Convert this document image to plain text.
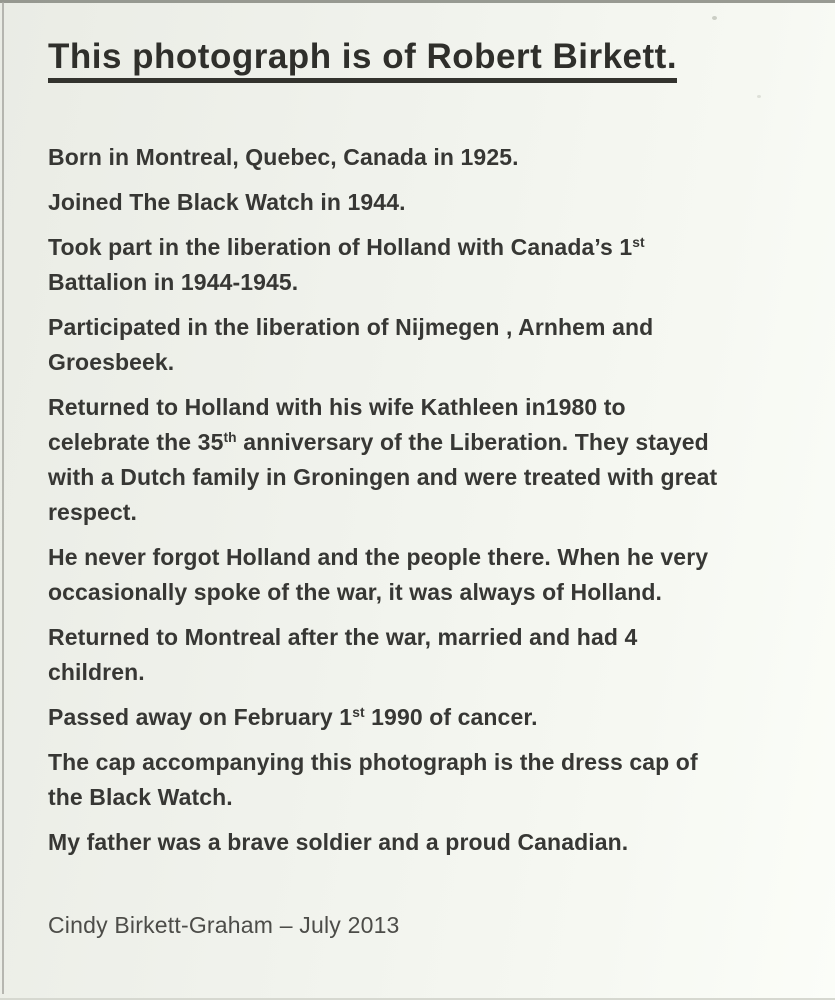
This photograph is of Robert Birkett.

Born in Montreal, Quebec, Canada in 1925.

Joined The Black Watch in 1944.

Took part in the liberation of Holland with Canada’s 1st
Battalion in 1944-1945.

Participated in the liberation of Nijmegen , Arnhem and
Groesbeek.

Returned to Holland with his wife Kathleen in1980 to
celebrate the 35th anniversary of the Liberation. They stayed
with a Dutch family in Groningen and were treated with great
respect.

He never forgot Holland and the people there. When he very
occasionally spoke of the war, it was always of Holland.

Returned to Montreal after the war, married and had 4
children.

Passed away on February 1st 1990 of cancer.

The cap accompanying this photograph is the dress cap of
the Black Watch.

My father was a brave soldier and a proud Canadian.

Cindy Birkett-Graham – July 2013
